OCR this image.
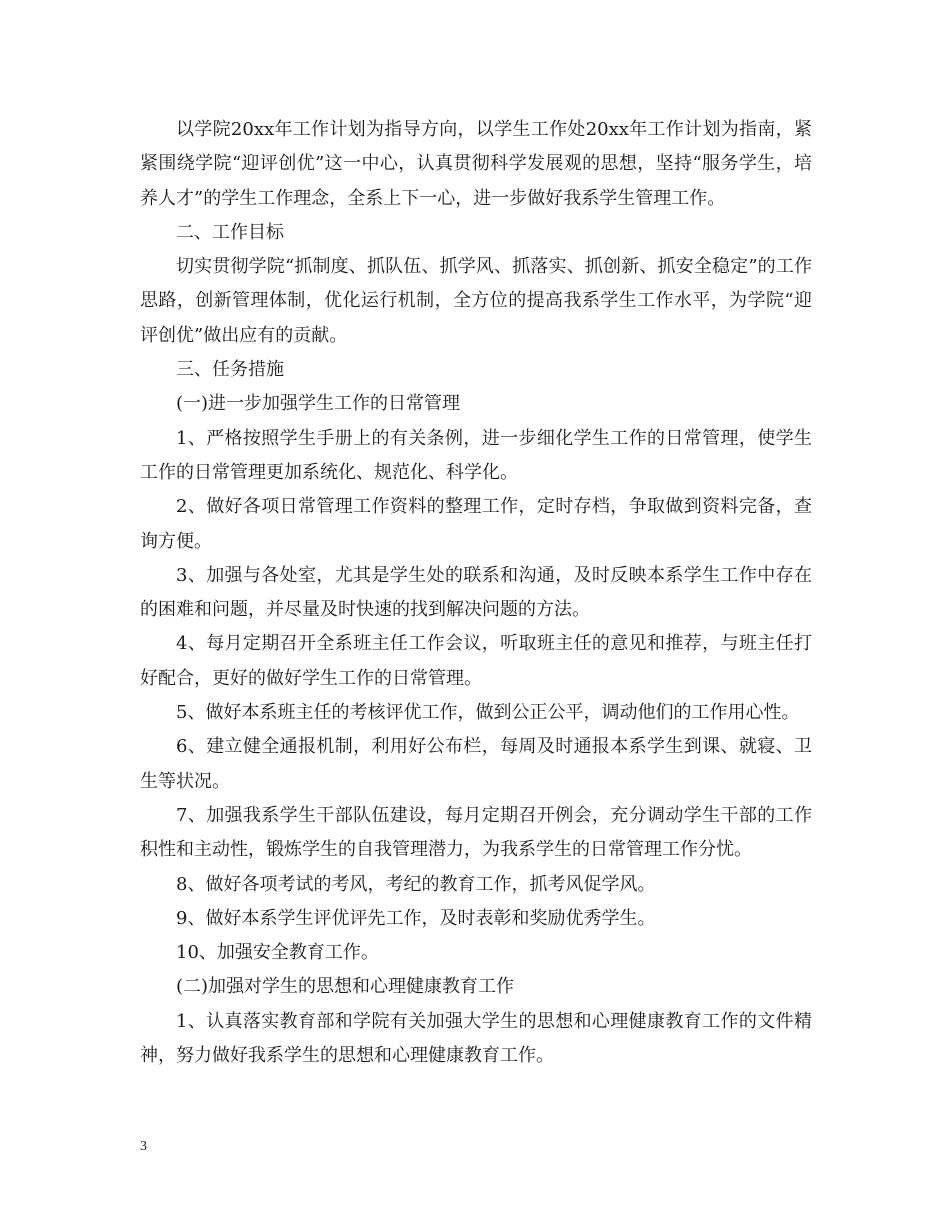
以学院20xx年工作计划为指导方向，以学生工作处20xx年工作计划为指南，紧紧围绕学院“迎评创优”这一中心，认真贯彻科学发展观的思想，坚持“服务学生，培养人才”的学生工作理念，全系上下一心，进一步做好我系学生管理工作。

二、工作目标

切实贯彻学院“抓制度、抓队伍、抓学风、抓落实、抓创新、抓安全稳定”的工作思路，创新管理体制，优化运行机制，全方位的提高我系学生工作水平，为学院“迎评创优”做出应有的贡献。

三、任务措施

(一)进一步加强学生工作的日常管理

1、严格按照学生手册上的有关条例，进一步细化学生工作的日常管理，使学生工作的日常管理更加系统化、规范化、科学化。

2、做好各项日常管理工作资料的整理工作，定时存档，争取做到资料完备，查询方便。

3、加强与各处室，尤其是学生处的联系和沟通，及时反映本系学生工作中存在的困难和问题，并尽量及时快速的找到解决问题的方法。

4、每月定期召开全系班主任工作会议，听取班主任的意见和推荐，与班主任打好配合，更好的做好学生工作的日常管理。

5、做好本系班主任的考核评优工作，做到公正公平，调动他们的工作用心性。

6、建立健全通报机制，利用好公布栏，每周及时通报本系学生到课、就寝、卫生等状况。

7、加强我系学生干部队伍建设，每月定期召开例会，充分调动学生干部的工作积性和主动性，锻炼学生的自我管理潜力，为我系学生的日常管理工作分忧。

8、做好各项考试的考风，考纪的教育工作，抓考风促学风。

9、做好本系学生评优评先工作，及时表彰和奖励优秀学生。

10、加强安全教育工作。

(二)加强对学生的思想和心理健康教育工作

1、认真落实教育部和学院有关加强大学生的思想和心理健康教育工作的文件精神，努力做好我系学生的思想和心理健康教育工作。

3
